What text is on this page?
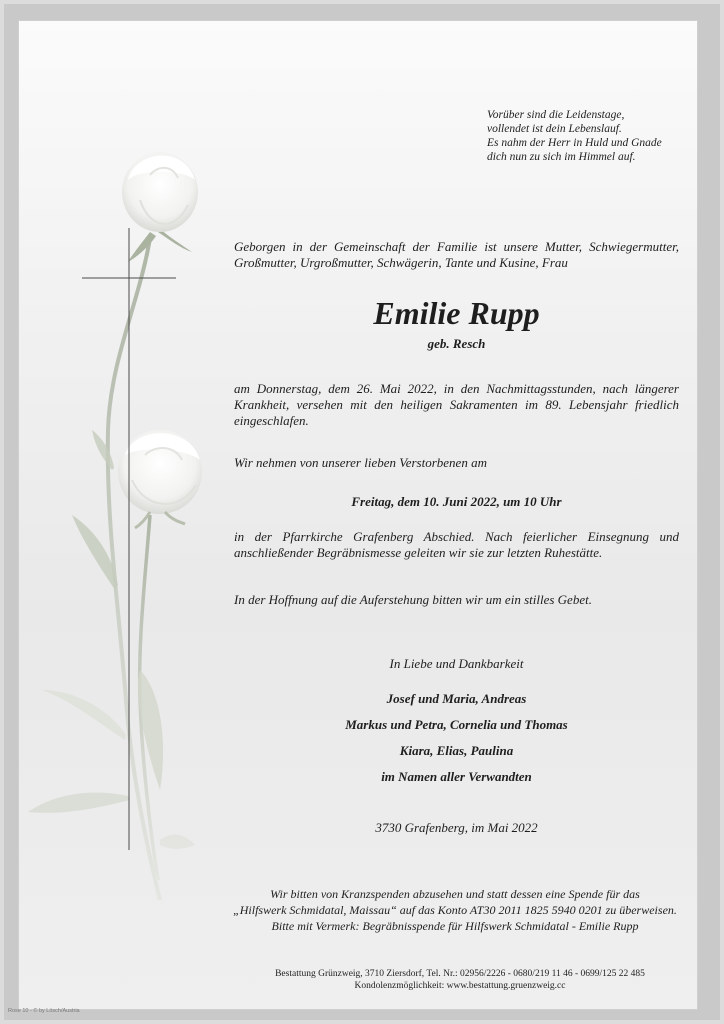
Vorüber sind die Leidenstage,
vollendet ist dein Lebenslauf.
Es nahm der Herr in Huld und Gnade
dich nun zu sich im Himmel auf.

Geborgen in der Gemeinschaft der Familie ist unsere Mutter, Schwiegermutter, Großmutter, Urgroßmutter, Schwägerin, Tante und Kusine, Frau

Emilie Rupp
geb. Resch

am Donnerstag, dem 26. Mai 2022, in den Nachmittagsstunden, nach längerer Krankheit, versehen mit den heiligen Sakramenten im 89. Lebensjahr friedlich eingeschlafen.

Wir nehmen von unserer lieben Verstorbenen am

Freitag, dem 10. Juni 2022, um 10 Uhr

in der Pfarrkirche Grafenberg Abschied. Nach feierlicher Einsegnung und anschließender Begräbnismesse geleiten wir sie zur letzten Ruhestätte.

In der Hoffnung auf die Auferstehung bitten wir um ein stilles Gebet.

In Liebe und Dankbarkeit
Josef und Maria, Andreas
Markus und Petra, Cornelia und Thomas
Kiara, Elias, Paulina
im Namen aller Verwandten
3730 Grafenberg, im Mai 2022
Wir bitten von Kranzspenden abzusehen und statt dessen eine Spende für das
„Hilfswerk Schmidatal, Maissau“ auf das Konto AT30 2011 1825 5940 0201 zu überweisen.
Bitte mit Vermerk: Begräbnisspende für Hilfswerk Schmidatal - Emilie Rupp
Bestattung Grünzweig, 3710 Ziersdorf, Tel. Nr.: 02956/2226 - 0680/219 11 46 - 0699/125 22 485
Kondolenzmöglichkeit: www.bestattung.gruenzweig.cc
Rose 10 - © by Lösch/Austria
